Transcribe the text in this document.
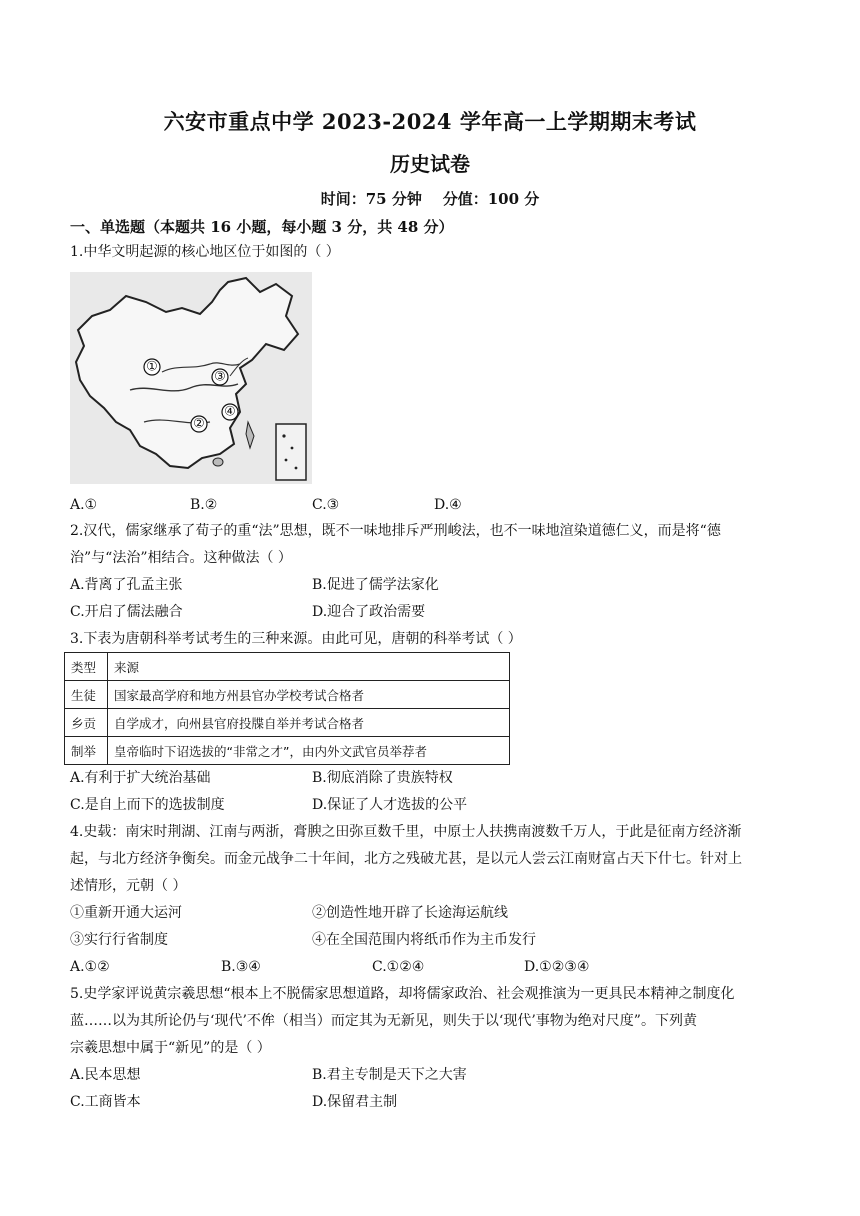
六安市重点中学 2023-2024 学年高一上学期期末考试
历史试卷
时间：75 分钟    分值：100 分
一、单选题（本题共 16 小题，每小题 3 分，共 48 分）
1.中华文明起源的核心地区位于如图的（ ）
①
③
②
④
A.①	B.②	C.③	D.④
2.汉代，儒家继承了荀子的重“法”思想，既不一味地排斥严刑峻法，也不一味地渲染道德仁义，而是将“德
治”与“法治”相结合。这种做法（ ）
A.背离了孔孟主张	B.促进了儒学法家化
C.开启了儒法融合	D.迎合了政治需要
3.下表为唐朝科举考试考生的三种来源。由此可见，唐朝的科举考试（ ）
类型	来源
生徒	国家最高学府和地方州县官办学校考试合格者
乡贡	自学成才，向州县官府投牒自举并考试合格者
制举	皇帝临时下诏选拔的“非常之才”，由内外文武官员举荐者
A.有利于扩大统治基础	B.彻底消除了贵族特权
C.是自上而下的选拔制度	D.保证了人才选拔的公平
4.史载：南宋时荆湖、江南与两浙，膏腴之田弥亘数千里，中原士人扶携南渡数千万人，于此是征南方经济渐
起，与北方经济争衡矣。而金元战争二十年间，北方之残破尤甚，是以元人尝云江南财富占天下什七。针对上
述情形，元朝（ ）
①重新开通大运河	②创造性地开辟了长途海运航线
③实行行省制度	④在全国范围内将纸币作为主币发行
A.①②	B.③④	C.①②④	D.①②③④
5.史学家评说黄宗羲思想“根本上不脱儒家思想道路，却将儒家政治、社会观推演为一更具民本精神之制度化
蓝……以为其所论仍与‘现代’不侔（相当）而定其为无新见，则失于以‘现代’事物为绝对尺度”。下列黄
宗羲思想中属于“新见”的是（ ）
A.民本思想	B.君主专制是天下之大害
C.工商皆本	D.保留君主制
